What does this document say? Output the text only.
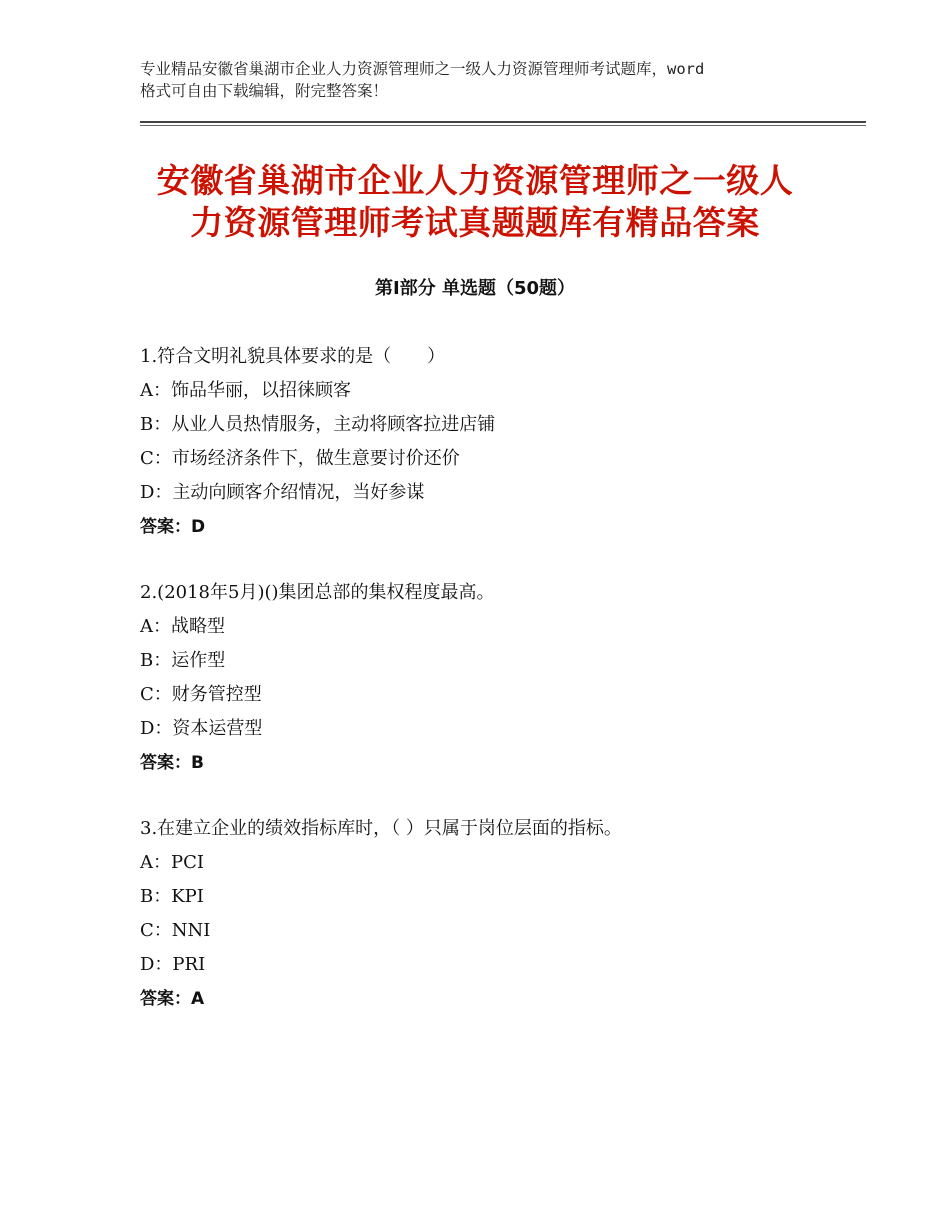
专业精品安徽省巢湖市企业人力资源管理师之一级人力资源管理师考试题库，word
格式可自由下载编辑，附完整答案！
安徽省巢湖市企业人力资源管理师之一级人
力资源管理师考试真题题库有精品答案
第Ⅰ部分 单选题（50题）
1.符合文明礼貌具体要求的是（　　）
A：饰品华丽，以招徕顾客
B：从业人员热情服务，主动将顾客拉进店铺
C：市场经济条件下，做生意要讨价还价
D：主动向顾客介绍情况，当好参谋
答案：D
2.(2018年5月)()集团总部的集权程度最高。
A：战略型
B：运作型
C：财务管控型
D：资本运营型
答案：B
3.在建立企业的绩效指标库时，（ ）只属于岗位层面的指标。
A：PCI
B：KPI
C：NNI
D：PRI
答案：A
